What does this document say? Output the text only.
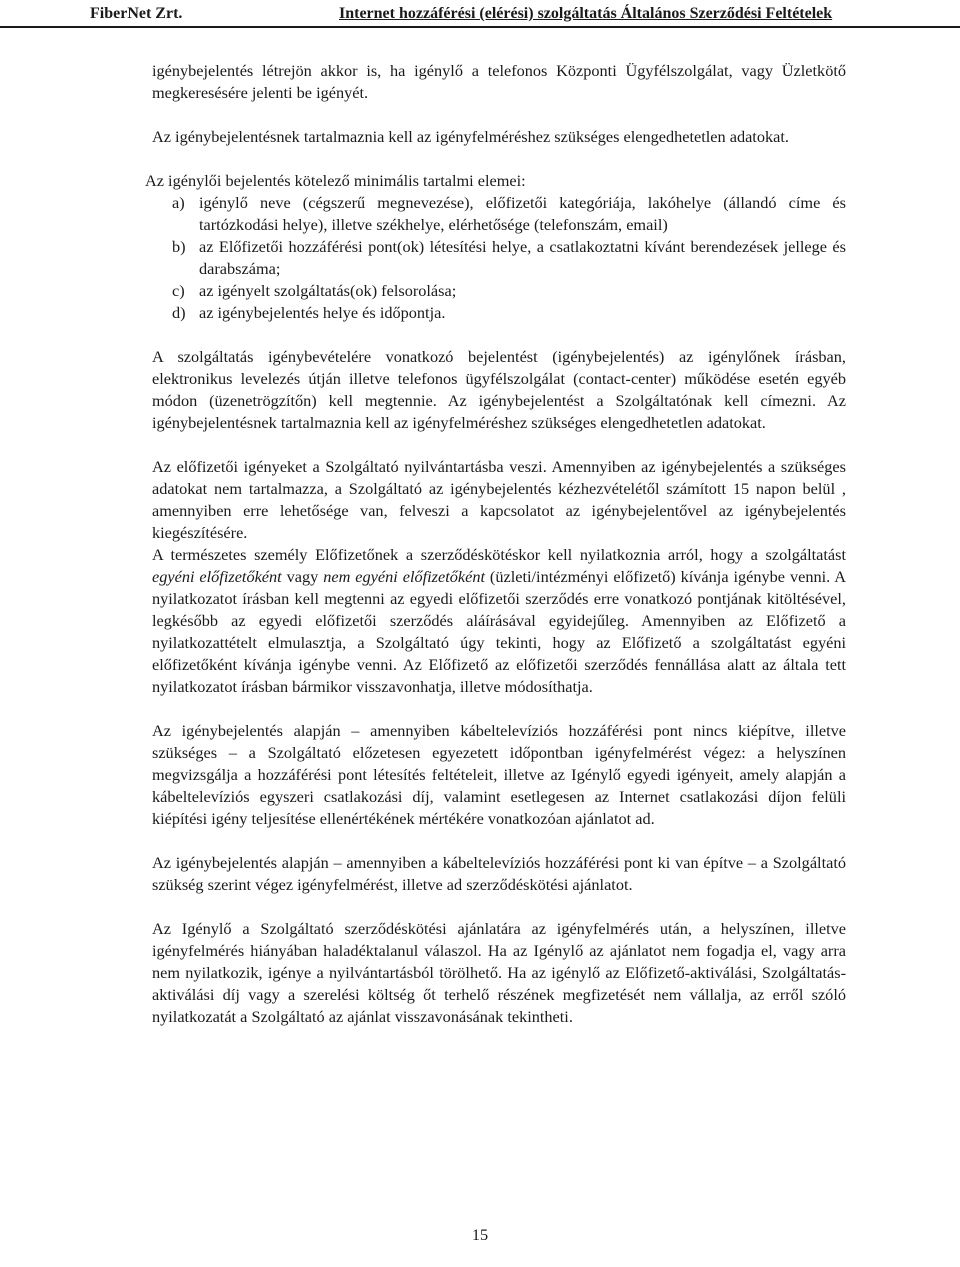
FiberNet Zrt.	Internet hozzáférési (elérési) szolgáltatás Általános Szerződési Feltételek

igénybejelentés létrejön akkor is, ha igénylő a telefonos Központi Ügyfélszolgálat, vagy Üzletkötő megkeresésére jelenti be igényét.

Az igénybejelentésnek tartalmaznia kell az igényfelméréshez szükséges elengedhetetlen adatokat.

Az igénylői bejelentés kötelező minimális tartalmi elemei:

a) igénylő neve (cégszerű megnevezése), előfizetői kategóriája, lakóhelye (állandó címe és tartózkodási helye), illetve székhelye, elérhetősége (telefonszám, email)
b) az Előfizetői hozzáférési pont(ok) létesítési helye, a csatlakoztatni kívánt berendezések jellege és darabszáma;
c) az igényelt szolgáltatás(ok) felsorolása;
d) az igénybejelentés helye és időpontja.

A szolgáltatás igénybevételére vonatkozó bejelentést (igénybejelentés) az igénylőnek írásban, elektronikus levelezés útján illetve telefonos ügyfélszolgálat (contact-center) működése esetén egyéb módon (üzenetrögzítőn) kell megtennie. Az igénybejelentést a Szolgáltatónak kell címezni. Az igénybejelentésnek tartalmaznia kell az igényfelméréshez szükséges elengedhetetlen adatokat.

Az előfizetői igényeket a Szolgáltató nyilvántartásba veszi. Amennyiben az igénybejelentés a szükséges adatokat nem tartalmazza, a Szolgáltató az igénybejelentés kézhezvételétől számított 15 napon belül , amennyiben erre lehetősége van, felveszi a kapcsolatot az igénybejelentővel az igénybejelentés kiegészítésére.

A természetes személy Előfizetőnek a szerződéskötéskor kell nyilatkoznia arról, hogy a szolgáltatást egyéni előfizetőként vagy nem egyéni előfizetőként (üzleti/intézményi előfizető) kívánja igénybe venni. A nyilatkozatot írásban kell megtenni az egyedi előfizetői szerződés erre vonatkozó pontjának kitöltésével, legkésőbb az egyedi előfizetői szerződés aláírásával egyidejűleg. Amennyiben az Előfizető a nyilatkozattételt elmulasztja, a Szolgáltató úgy tekinti, hogy az Előfizető a szolgáltatást egyéni előfizetőként kívánja igénybe venni. Az Előfizető az előfizetői szerződés fennállása alatt az általa tett nyilatkozatot írásban bármikor visszavonhatja, illetve módosíthatja.

Az igénybejelentés alapján – amennyiben kábeltelevíziós hozzáférési pont nincs kiépítve, illetve szükséges – a Szolgáltató előzetesen egyezetett időpontban igényfelmérést végez: a helyszínen megvizsgálja a hozzáférési pont létesítés feltételeit, illetve az Igénylő egyedi igényeit, amely alapján a kábeltelevíziós egyszeri csatlakozási díj, valamint esetlegesen az Internet csatlakozási díjon felüli kiépítési igény teljesítése ellenértékének mértékére vonatkozóan ajánlatot ad.

Az igénybejelentés alapján – amennyiben a kábeltelevíziós hozzáférési pont ki van építve – a Szolgáltató szükség szerint végez igényfelmérést, illetve ad szerződéskötési ajánlatot.

Az Igénylő a Szolgáltató szerződéskötési ajánlatára az igényfelmérés után, a helyszínen, illetve igényfelmérés hiányában haladéktalanul válaszol. Ha az Igénylő az ajánlatot nem fogadja el, vagy arra nem nyilatkozik, igénye a nyilvántartásból törölhető. Ha az igénylő az Előfizető-aktiválási, Szolgáltatás-aktiválási díj vagy a szerelési költség őt terhelő részének megfizetését nem vállalja, az erről szóló nyilatkozatát a Szolgáltató az ajánlat visszavonásának tekintheti.

15
